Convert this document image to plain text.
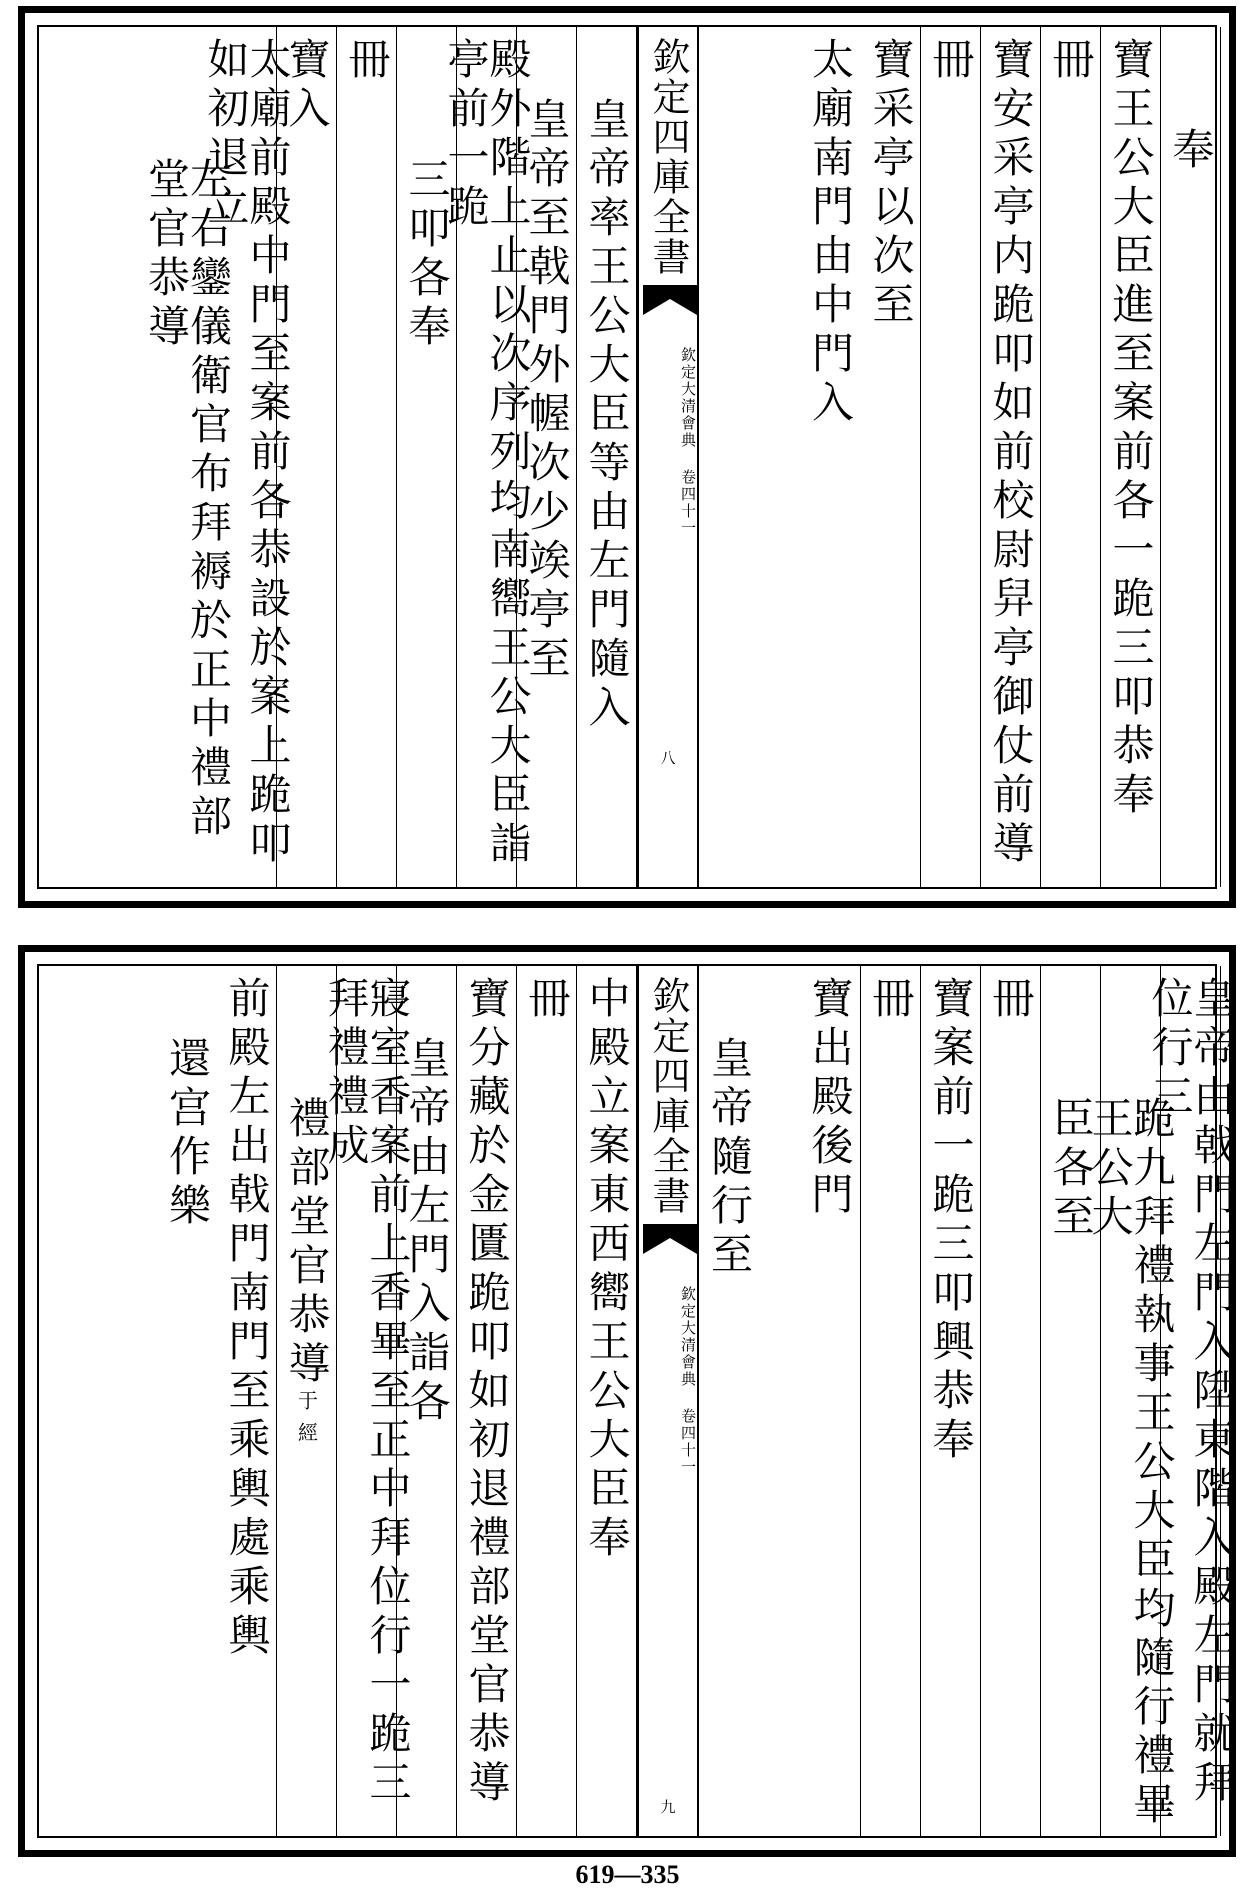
奉
寶王公大臣進至案前各一跪三叩恭奉
冊
寶安采亭内跪叩如前校尉舁亭御仗前導
冊
寶采亭以次至
太廟南門由中門入
欽定四庫全書
欽定大清會典 卷四十一
八
皇帝率王公大臣等由左門隨入
皇帝至戟門外幄次少竢亭至
殿外階上止以次序列均南嚮王公大臣詣亭前一跪
三叩各奉
冊
寶入
太廟前殿中門至案前各恭設於案上跪叩如初退立
左右鑾儀衛官布拜褥於正中禮部堂官恭導
皇帝由戟門左門入陞東階入殿左門就拜位行三
跪九拜禮執事王公大臣均隨行禮畢王公大
臣各至
冊
寶案前一跪三叩興恭奉
冊
寶出殿後門
皇帝隨行至
欽定四庫全書
欽定大清會典 卷四十一
九
中殿立案東西嚮王公大臣奉
冊
寶分藏於金匱跪叩如初退禮部堂官恭導
皇帝由左門入詣各
寢室香案前上香畢至正中拜位行一跪三拜禮禮成
禮部堂官恭導
于經
前殿左出戟門南門至乘輿處乘輿
還宫作樂
619—335
